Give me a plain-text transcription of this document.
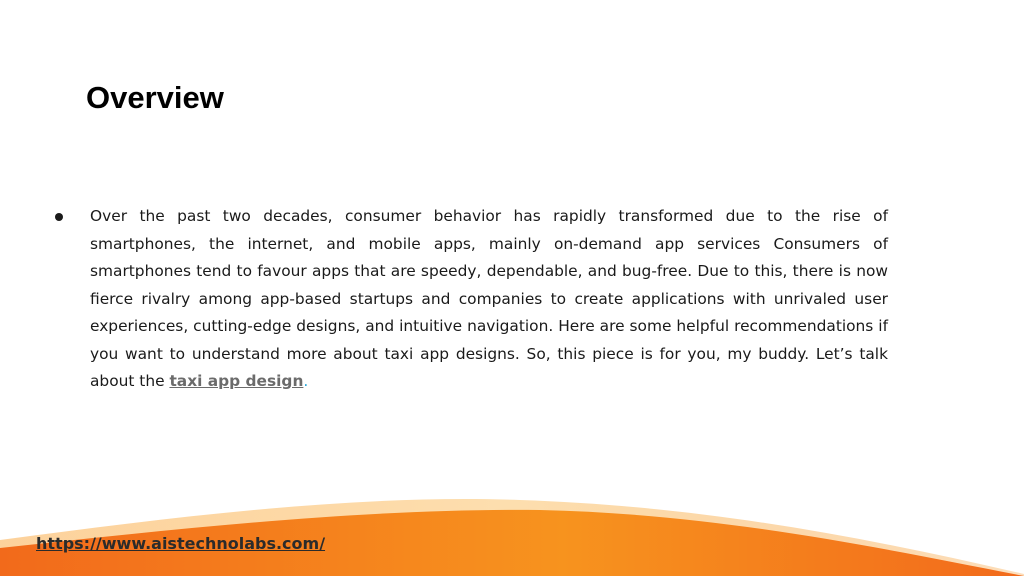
Overview

Over the past two decades, consumer behavior has rapidly transformed due to the rise of smartphones, the internet, and mobile apps, mainly on-demand app services Consumers of smartphones tend to favour apps that are speedy, dependable, and bug-free. Due to this, there is now fierce rivalry among app-based startups and companies to create applications with unrivaled user experiences, cutting-edge designs, and intuitive navigation. Here are some helpful recommendations if you want to understand more about taxi app designs. So, this piece is for you, my buddy. Let’s talk about the taxi app design.

https://www.aistechnolabs.com/
